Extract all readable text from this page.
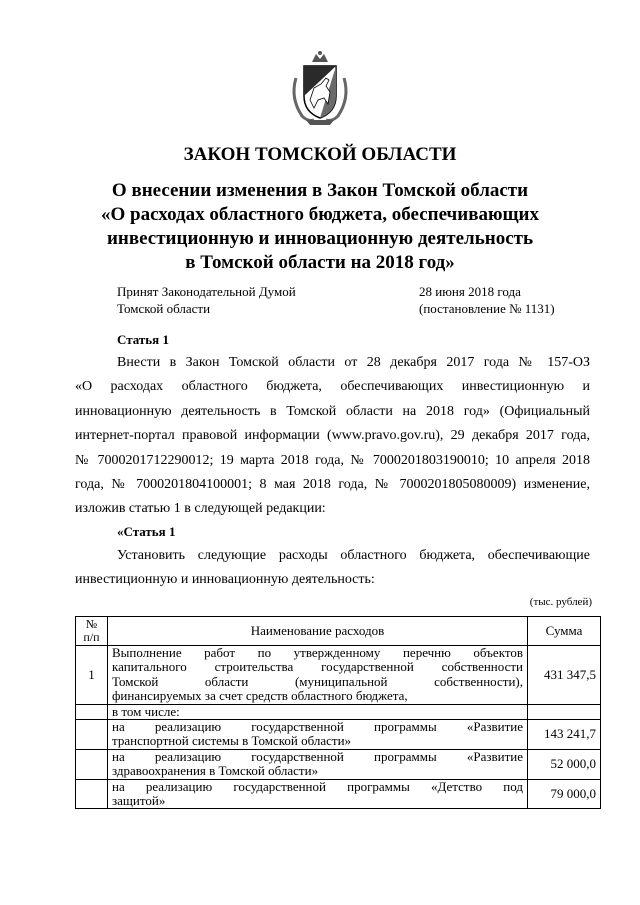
ЗАКОН ТОМСКОЙ ОБЛАСТИ
О внесении изменения в Закон Томской области
«О расходах областного бюджета, обеспечивающих
инвестиционную и инновационную деятельность
в Томской области на 2018 год»
Принят Законодательной Думой
Томской области
28 июня 2018 года
(постановление № 1131)
Статья 1
Внести в Закон Томской области от 28 декабря 2017 года № 157-ОЗ
«О расходах областного бюджета, обеспечивающих инвестиционную и
инновационную деятельность в Томской области на 2018 год» (Официальный
интернет-портал правовой информации (www.pravo.gov.ru), 29 декабря 2017 года,
№ 7000201712290012; 19 марта 2018 года, № 7000201803190010; 10 апреля 2018
года, № 7000201804100001; 8 мая 2018 года, № 7000201805080009) изменение,
изложив статью 1 в следующей редакции:
«Статья 1
Установить следующие расходы областного бюджета, обеспечивающие
инвестиционную и инновационную деятельность:
(тыс. рублей)
№ п/п	Наименование расходов	Сумма
1	Выполнение работ по утвержденному перечню объектов
капитального строительства государственной собственности
Томской области (муниципальной собственности),
финансируемых за счет средств областного бюджета,	431 347,5

	в том числе:	

	на реализацию государственной программы «Развитие
транспортной системы в Томской области»	143 241,7

	на реализацию государственной программы «Развитие
здравоохранения в Томской области»	52 000,0

	на реализацию государственной программы «Детство под
защитой»	79 000,0
